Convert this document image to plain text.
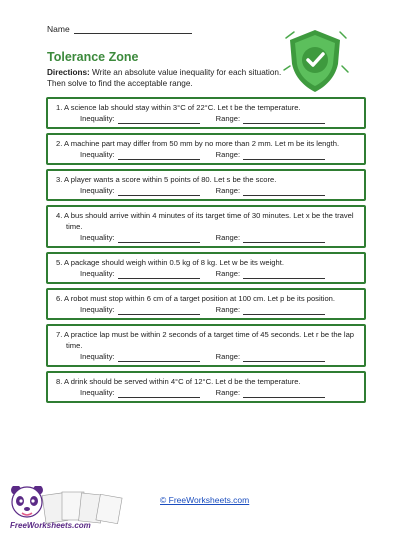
Name
Tolerance Zone
Directions: Write an absolute value inequality for each situation. Then solve to find the acceptable range.
1. A science lab should stay within 3°C of 22°C. Let t be the temperature.
Inequality:	Range:
2. A machine part may differ from 50 mm by no more than 2 mm. Let m be its length.
Inequality:	Range:
3. A player wants a score within 5 points of 80. Let s be the score.
Inequality:	Range:
4. A bus should arrive within 4 minutes of its target time of 30 minutes. Let x be the travel time.
Inequality:	Range:
5. A package should weigh within 0.5 kg of 8 kg. Let w be its weight.
Inequality:	Range:
6. A robot must stop within 6 cm of a target position at 100 cm. Let p be its position.
Inequality:	Range:
7. A practice lap must be within 2 seconds of a target time of 45 seconds. Let r be the lap time.
Inequality:	Range:
8. A drink should be served within 4°C of 12°C. Let d be the temperature.
Inequality:	Range:
FreeWorksheets.com
© FreeWorksheets.com
